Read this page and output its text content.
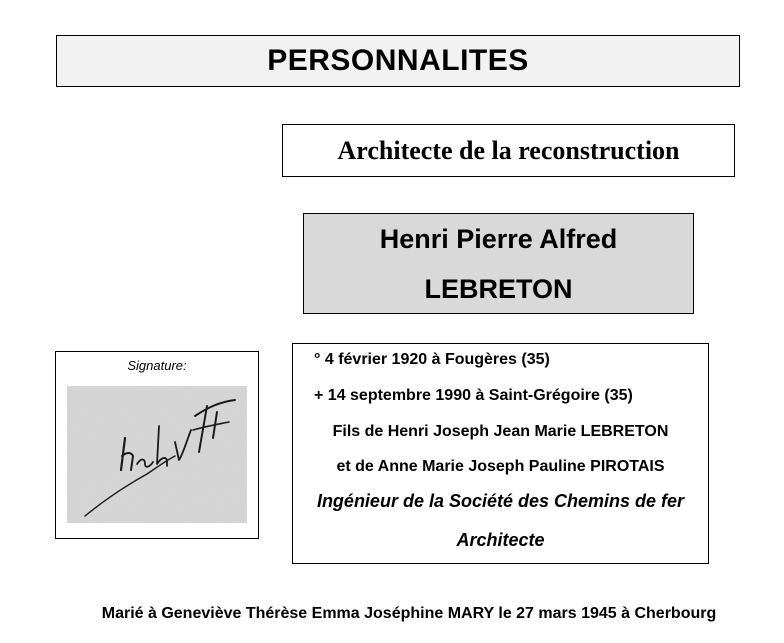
PERSONNALITES
Architecte de la reconstruction
Henri Pierre Alfred
LEBRETON
Signature:	° 4 février 1920 à Fougères (35)
+ 14 septembre 1990 à Saint-Grégoire (35)
Fils de Henri Joseph Jean Marie LEBRETON
et de Anne Marie Joseph Pauline PIROTAIS
Ingénieur de la Société des Chemins de fer
Architecte
Marié à Geneviève Thérèse Emma Joséphine MARY le 27 mars 1945 à Cherbourg
